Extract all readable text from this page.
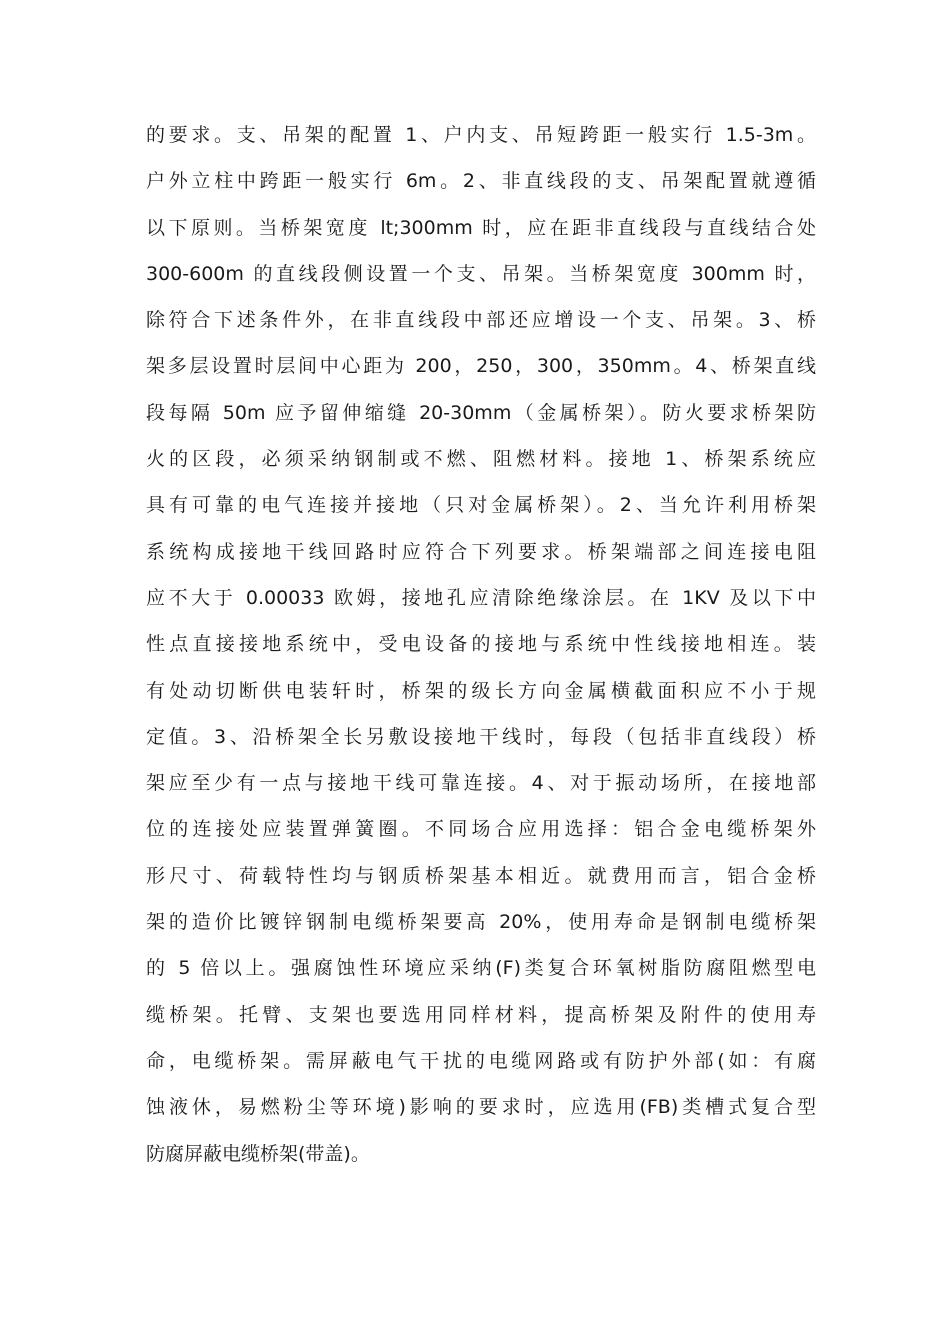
的要求。支、吊架的配置 1、户内支、吊短跨距一般实行 1.5-3m。
户外立柱中跨距一般实行 6m。2、非直线段的支、吊架配置就遵循
以下原则。当桥架宽度 lt;300mm 时，应在距非直线段与直线结合处
300-600m 的直线段侧设置一个支、吊架。当桥架宽度 300mm 时，
除符合下述条件外，在非直线段中部还应增设一个支、吊架。3、桥
架多层设置时层间中心距为 200，250，300，350mm。4、桥架直线
段每隔 50m 应予留伸缩缝 20-30mm（金属桥架）。防火要求桥架防
火的区段，必须采纳钢制或不燃、阻燃材料。接地 1、桥架系统应
具有可靠的电气连接并接地（只对金属桥架）。2、当允许利用桥架
系统构成接地干线回路时应符合下列要求。桥架端部之间连接电阻
应不大于 0.00033 欧姆，接地孔应清除绝缘涂层。在 1KV 及以下中
性点直接接地系统中，受电设备的接地与系统中性线接地相连。装
有处动切断供电装轩时，桥架的级长方向金属横截面积应不小于规
定值。3、沿桥架全长另敷设接地干线时，每段（包括非直线段）桥
架应至少有一点与接地干线可靠连接。4、对于振动场所，在接地部
位的连接处应装置弹簧圈。不同场合应用选择：铝合金电缆桥架外
形尺寸、荷载特性均与钢质桥架基本相近。就费用而言，铝合金桥
架的造价比镀锌钢制电缆桥架要高 20%，使用寿命是钢制电缆桥架
的 5 倍以上。强腐蚀性环境应采纳(F)类复合环氧树脂防腐阻燃型电
缆桥架。托臂、支架也要选用同样材料，提高桥架及附件的使用寿
命，电缆桥架。需屏蔽电气干扰的电缆网路或有防护外部(如：有腐
蚀液休，易燃粉尘等环境)影响的要求时，应选用(FB)类槽式复合型
防腐屏蔽电缆桥架(带盖)。
